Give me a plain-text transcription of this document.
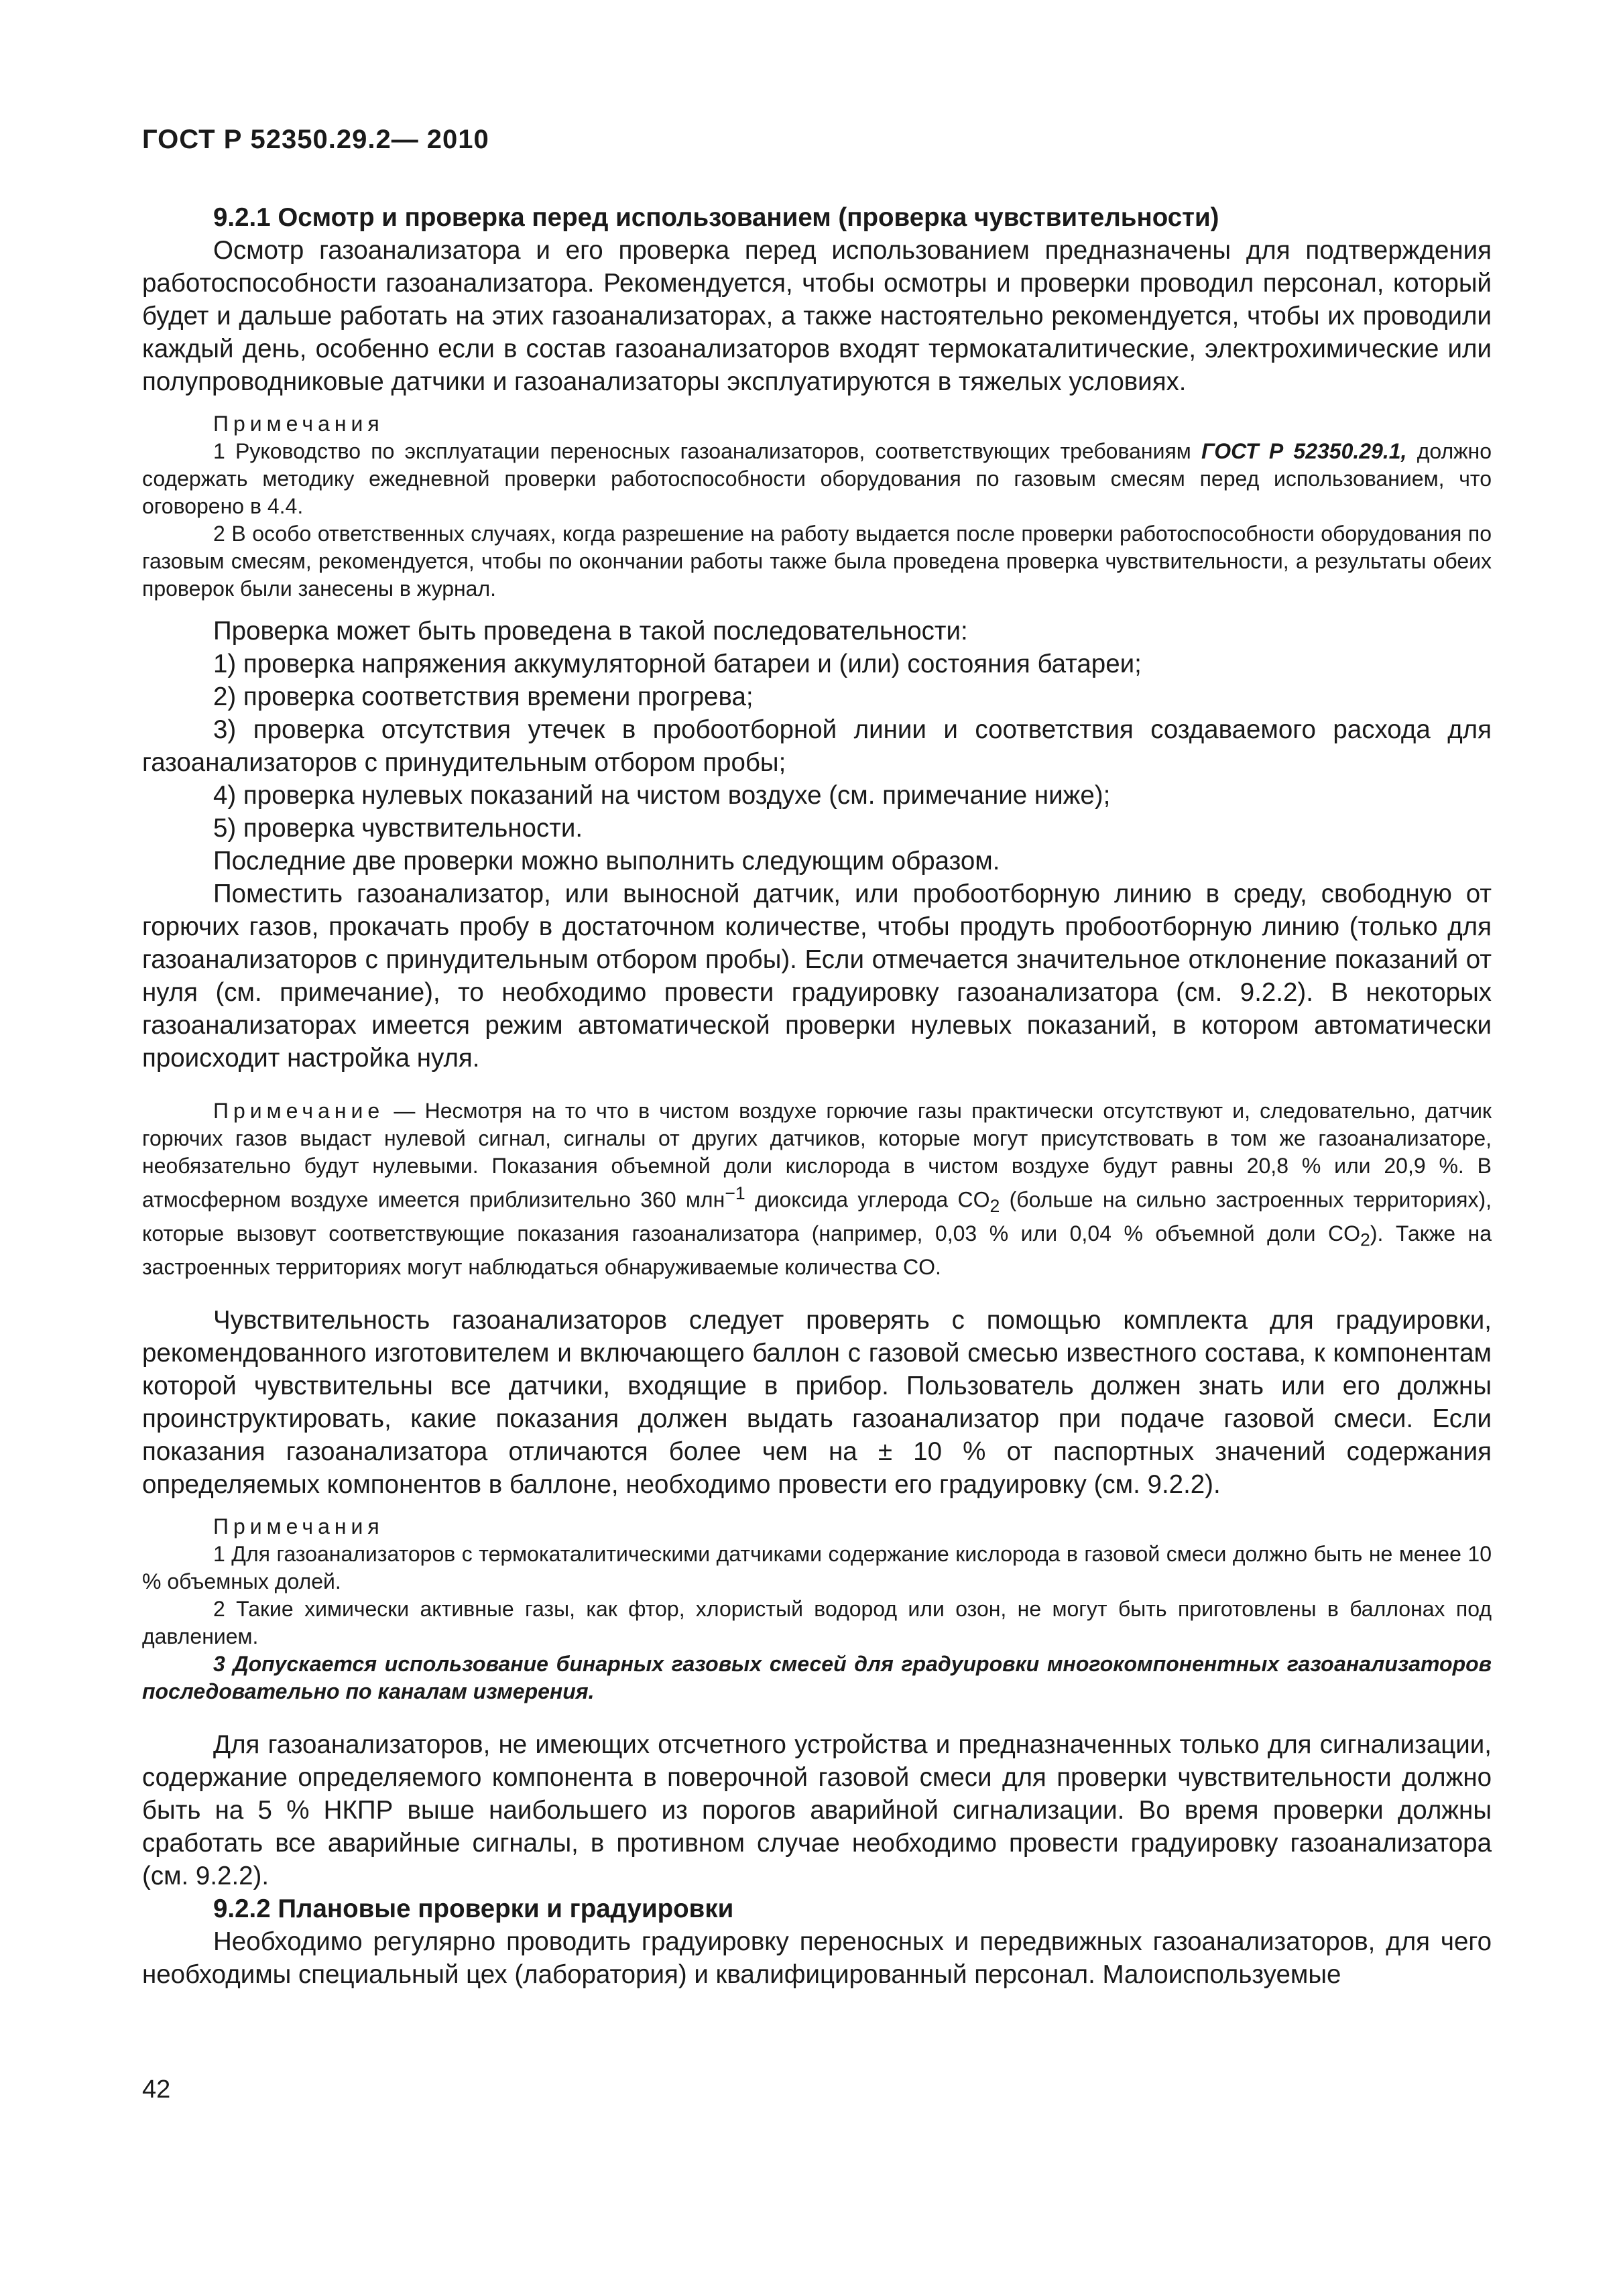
ГОСТ Р 52350.29.2— 2010

9.2.1 Осмотр и проверка перед использованием (проверка чувствительности)

Осмотр газоанализатора и его проверка перед использованием предназначены для подтверждения работоспособности газоанализатора. Рекомендуется, чтобы осмотры и проверки проводил персонал, который будет и дальше работать на этих газоанализаторах, а также настоятельно рекомендуется, чтобы их проводили каждый день, особенно если в состав газоанализаторов входят термокаталитические, электрохимические или полупроводниковые датчики и газоанализаторы эксплуатируются в тяжелых условиях.

Примечания

1 Руководство по эксплуатации переносных газоанализаторов, соответствующих требованиям ГОСТ Р 52350.29.1, должно содержать методику ежедневной проверки работоспособности оборудования по газовым смесям перед использованием, что оговорено в 4.4.

2 В особо ответственных случаях, когда разрешение на работу выдается после проверки работоспособности оборудования по газовым смесям, рекомендуется, чтобы по окончании работы также была проведена проверка чувствительности, а результаты обеих проверок были занесены в журнал.

Проверка может быть проведена в такой последовательности:

1) проверка напряжения аккумуляторной батареи и (или) состояния батареи;

2) проверка соответствия времени прогрева;

3) проверка отсутствия утечек в пробоотборной линии и соответствия создаваемого расхода для газоанализаторов с принудительным отбором пробы;

4) проверка нулевых показаний на чистом воздухе (см. примечание ниже);

5) проверка чувствительности.

Последние две проверки можно выполнить следующим образом.

Поместить газоанализатор, или выносной датчик, или пробоотборную линию в среду, свободную от горючих газов, прокачать пробу в достаточном количестве, чтобы продуть пробоотборную линию (только для газоанализаторов с принудительным отбором пробы). Если отмечается значительное отклонение показаний от нуля (см. примечание), то необходимо провести градуировку газоанализатора (см. 9.2.2). В некоторых газоанализаторах имеется режим автоматической проверки нулевых показаний, в котором автоматически происходит настройка нуля.

Примечание — Несмотря на то что в чистом воздухе горючие газы практически отсутствуют и, следовательно, датчик горючих газов выдаст нулевой сигнал, сигналы от других датчиков, которые могут присутствовать в том же газоанализаторе, необязательно будут нулевыми. Показания объемной доли кислорода в чистом воздухе будут равны 20,8 % или 20,9 %. В атмосферном воздухе имеется приблизительно 360 млн$^{-1}$ диоксида углерода $CO_2$ (больше на сильно застроенных территориях), которые вызовут соответствующие показания газоанализатора (например, 0,03 % или 0,04 % объемной доли $CO_2$). Также на застроенных территориях могут наблюдаться обнаруживаемые количества CO.

Чувствительность газоанализаторов следует проверять с помощью комплекта для градуировки, рекомендованного изготовителем и включающего баллон с газовой смесью известного состава, к компонентам которой чувствительны все датчики, входящие в прибор. Пользователь должен знать или его должны проинструктировать, какие показания должен выдать газоанализатор при подаче газовой смеси. Если показания газоанализатора отличаются более чем на ± 10 % от паспортных значений содержания определяемых компонентов в баллоне, необходимо провести его градуировку (см. 9.2.2).

Примечания

1 Для газоанализаторов с термокаталитическими датчиками содержание кислорода в газовой смеси должно быть не менее 10 % объемных долей.

2 Такие химически активные газы, как фтор, хлористый водород или озон, не могут быть приготовлены в баллонах под давлением.

3 Допускается использование бинарных газовых смесей для градуировки многокомпонентных газоанализаторов последовательно по каналам измерения.

Для газоанализаторов, не имеющих отсчетного устройства и предназначенных только для сигнализации, содержание определяемого компонента в поверочной газовой смеси для проверки чувствительности должно быть на 5 % НКПР выше наибольшего из порогов аварийной сигнализации. Во время проверки должны сработать все аварийные сигналы, в противном случае необходимо провести градуировку газоанализатора (см. 9.2.2).

9.2.2 Плановые проверки и градуировки

Необходимо регулярно проводить градуировку переносных и передвижных газоанализаторов, для чего необходимы специальный цех (лаборатория) и квалифицированный персонал. Малоиспользуемые

42
